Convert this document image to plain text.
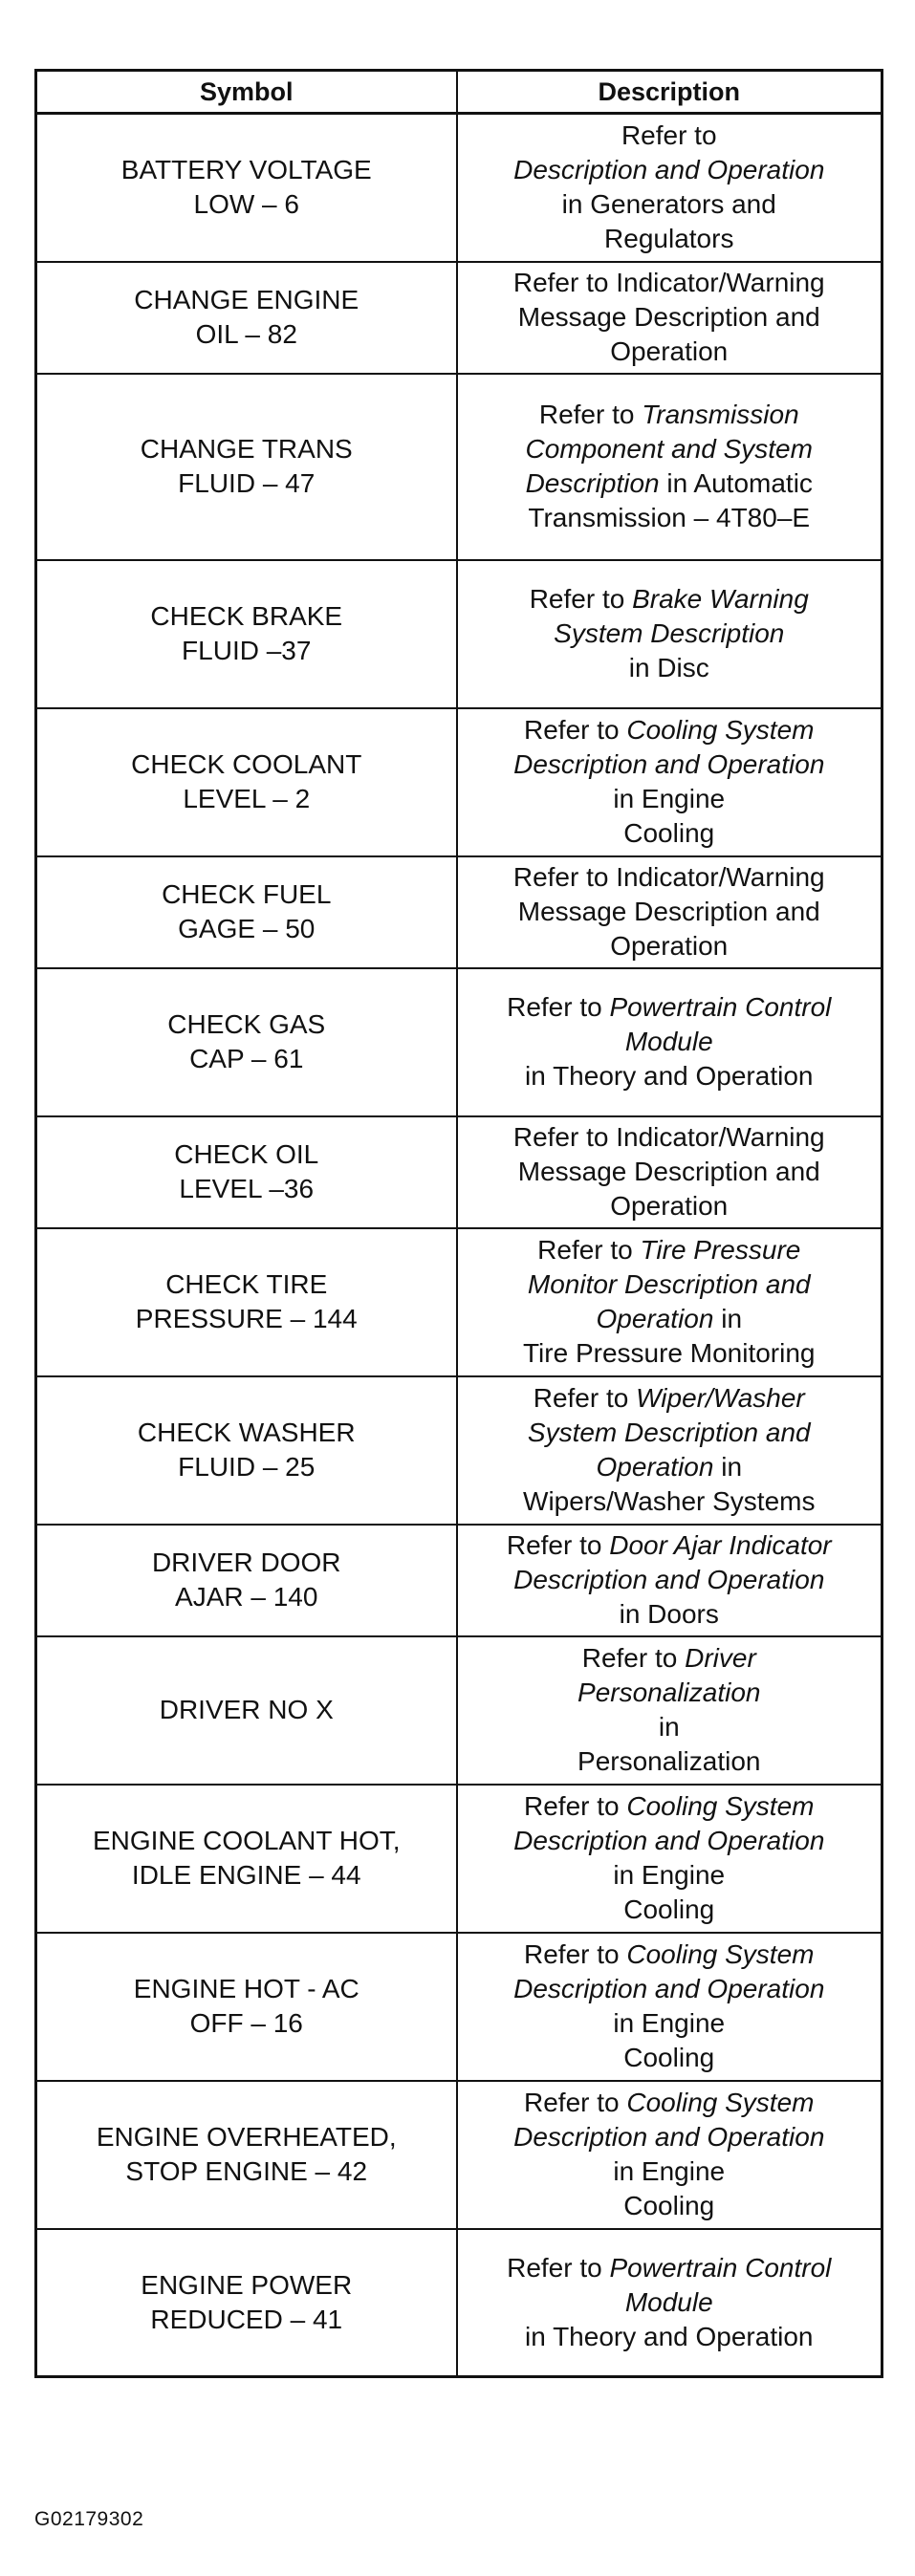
Symbol	Description
BATTERY VOLTAGE
LOW – 6	Refer to
Description and Operation
in Generators and
Regulators

CHANGE ENGINE
OIL – 82	Refer to Indicator/Warning
Message Description and
Operation

CHANGE TRANS
FLUID – 47	Refer to Transmission
Component and System
Description in Automatic
Transmission – 4T80–E

CHECK BRAKE
FLUID –37	Refer to Brake Warning
System Description
in Disc

CHECK COOLANT
LEVEL – 2	Refer to Cooling System
Description and Operation
in Engine
Cooling

CHECK FUEL
GAGE – 50	Refer to Indicator/Warning
Message Description and
Operation

CHECK GAS
CAP – 61	Refer to Powertrain Control
Module
in Theory and Operation

CHECK OIL
LEVEL –36	Refer to Indicator/Warning
Message Description and
Operation

CHECK TIRE
PRESSURE – 144	Refer to Tire Pressure
Monitor Description and
Operation in
Tire Pressure Monitoring

CHECK WASHER
FLUID – 25	Refer to Wiper/Washer
System Description and
Operation in
Wipers/Washer Systems

DRIVER DOOR
AJAR – 140	Refer to Door Ajar Indicator
Description and Operation
in Doors

DRIVER NO X	Refer to Driver
Personalization
in
Personalization

ENGINE COOLANT HOT,
IDLE ENGINE – 44	Refer to Cooling System
Description and Operation
in Engine
Cooling

ENGINE HOT - AC
OFF – 16	Refer to Cooling System
Description and Operation
in Engine
Cooling

ENGINE OVERHEATED,
STOP ENGINE – 42	Refer to Cooling System
Description and Operation
in Engine
Cooling

ENGINE POWER
REDUCED – 41	Refer to Powertrain Control
Module
in Theory and Operation
G02179302
